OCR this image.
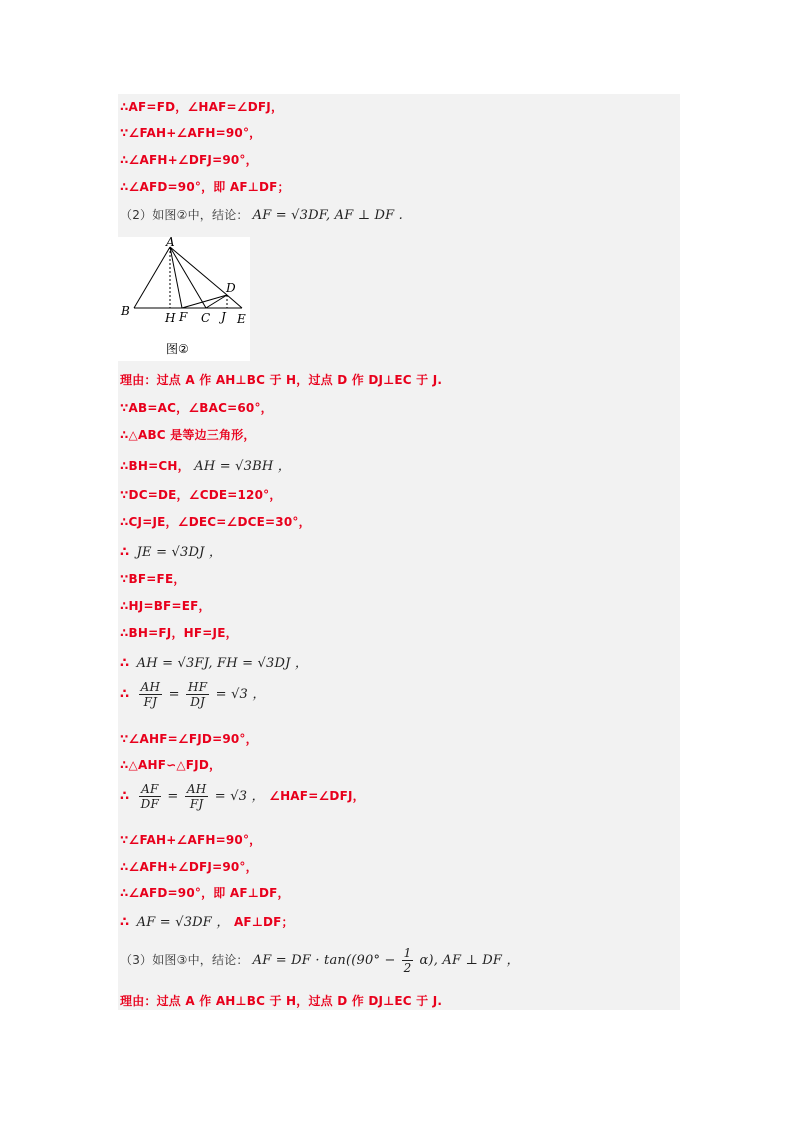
∴AF=FD，∠HAF=∠DFJ，
∵∠FAH+∠AFH=90°，
∴∠AFH+∠DFJ=90°，
∴∠AFD=90°，即 AF⊥DF；
（2）如图②中，结论： AF = √3DF, AF ⊥ DF .
A
B	H F C J E
D
图②
理由：过点 A 作 AH⊥BC 于 H，过点 D 作 DJ⊥EC 于 J.
∵AB=AC，∠BAC=60°，
∴△ABC 是等边三角形，
∴BH=CH， AH = √3BH ，
∵DC=DE，∠CDE=120°，
∴CJ=JE，∠DEC=∠DCE=30°，
∴ JE = √3DJ ，
∵BF=FE，
∴HJ=BF=EF，
∴BH=FJ，HF=JE，
∴ AH = √3FJ, FH = √3DJ ，
∴ $\frac{AH}{FJ} = \frac{HF}{DJ} = √3$ ，
∵∠AHF=∠FJD=90°，
∴△AHF∽△FJD，
∴ $\frac{AF}{DF} = \frac{AH}{FJ} = √3$ ， ∠HAF=∠DFJ，
∵∠FAH+∠AFH=90°，
∴∠AFH+∠DFJ=90°，
∴∠AFD=90°，即 AF⊥DF，
∴ AF = √3DF ， AF⊥DF；
（3）如图③中，结论： AF = DF · $\tan((90^\circ - \frac{1}{2} \alpha)$, AF ⊥ DF ，
理由：过点 A 作 AH⊥BC 于 H，过点 D 作 DJ⊥EC 于 J.
